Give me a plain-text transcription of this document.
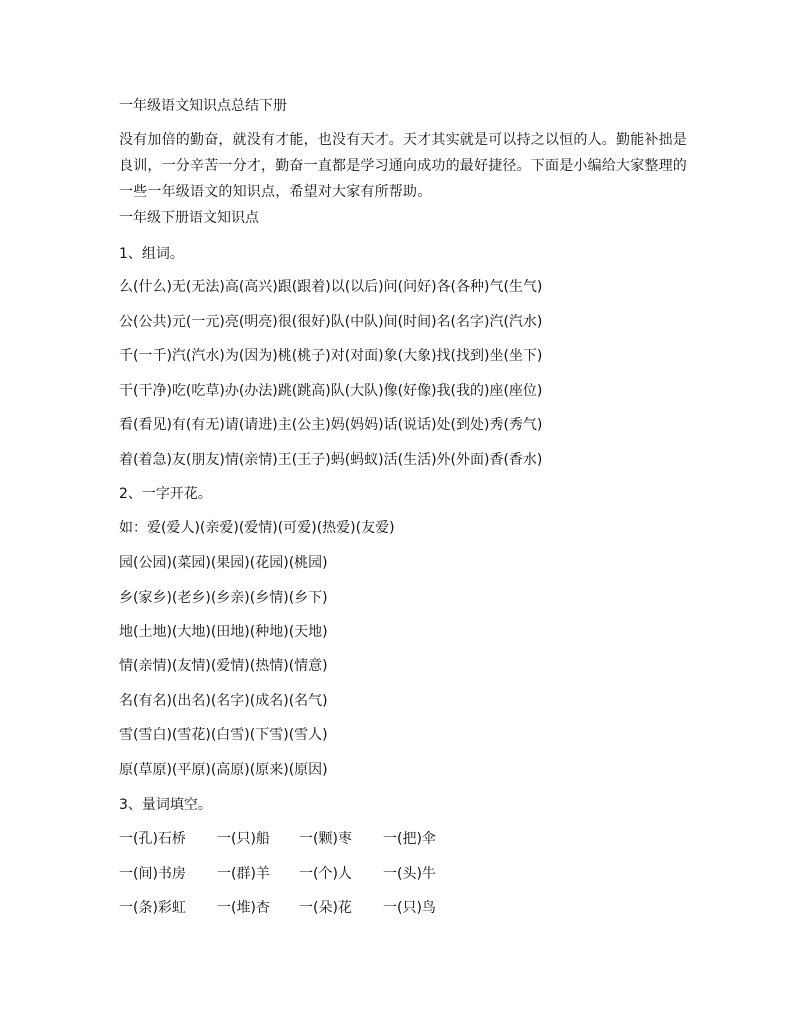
一年级语文知识点总结下册
没有加倍的勤奋，就没有才能，也没有天才。天才其实就是可以持之以恒的人。勤能补拙是良训，一分辛苦一分才，勤奋一直都是学习通向成功的最好捷径。下面是小编给大家整理的一些一年级语文的知识点，希望对大家有所帮助。
一年级下册语文知识点
1、组词。
么(什么)无(无法)高(高兴)跟(跟着)以(以后)问(问好)各(各种)气(生气)
公(公共)元(一元)亮(明亮)很(很好)队(中队)间(时间)名(名字)汽(汽水)
千(一千)汽(汽水)为(因为)桃(桃子)对(对面)象(大象)找(找到)坐(坐下)
干(干净)吃(吃草)办(办法)跳(跳高)队(大队)像(好像)我(我的)座(座位)
看(看见)有(有无)请(请进)主(公主)妈(妈妈)话(说话)处(到处)秀(秀气)
着(着急)友(朋友)情(亲情)王(王子)蚂(蚂蚁)活(生活)外(外面)香(香水)
2、一字开花。
如：爱(爱人)(亲爱)(爱情)(可爱)(热爱)(友爱)
园(公园)(菜园)(果园)(花园)(桃园)
乡(家乡)(老乡)(乡亲)(乡情)(乡下)
地(土地)(大地)(田地)(种地)(天地)
情(亲情)(友情)(爱情)(热情)(情意)
名(有名)(出名)(名字)(成名)(名气)
雪(雪白)(雪花)(白雪)(下雪)(雪人)
原(草原)(平原)(高原)(原来)(原因)
3、量词填空。
一(孔)石桥 一(只)船 一(颗)枣 一(把)伞
一(间)书房 一(群)羊 一(个)人 一(头)牛
一(条)彩虹 一(堆)杏 一(朵)花 一(只)鸟
